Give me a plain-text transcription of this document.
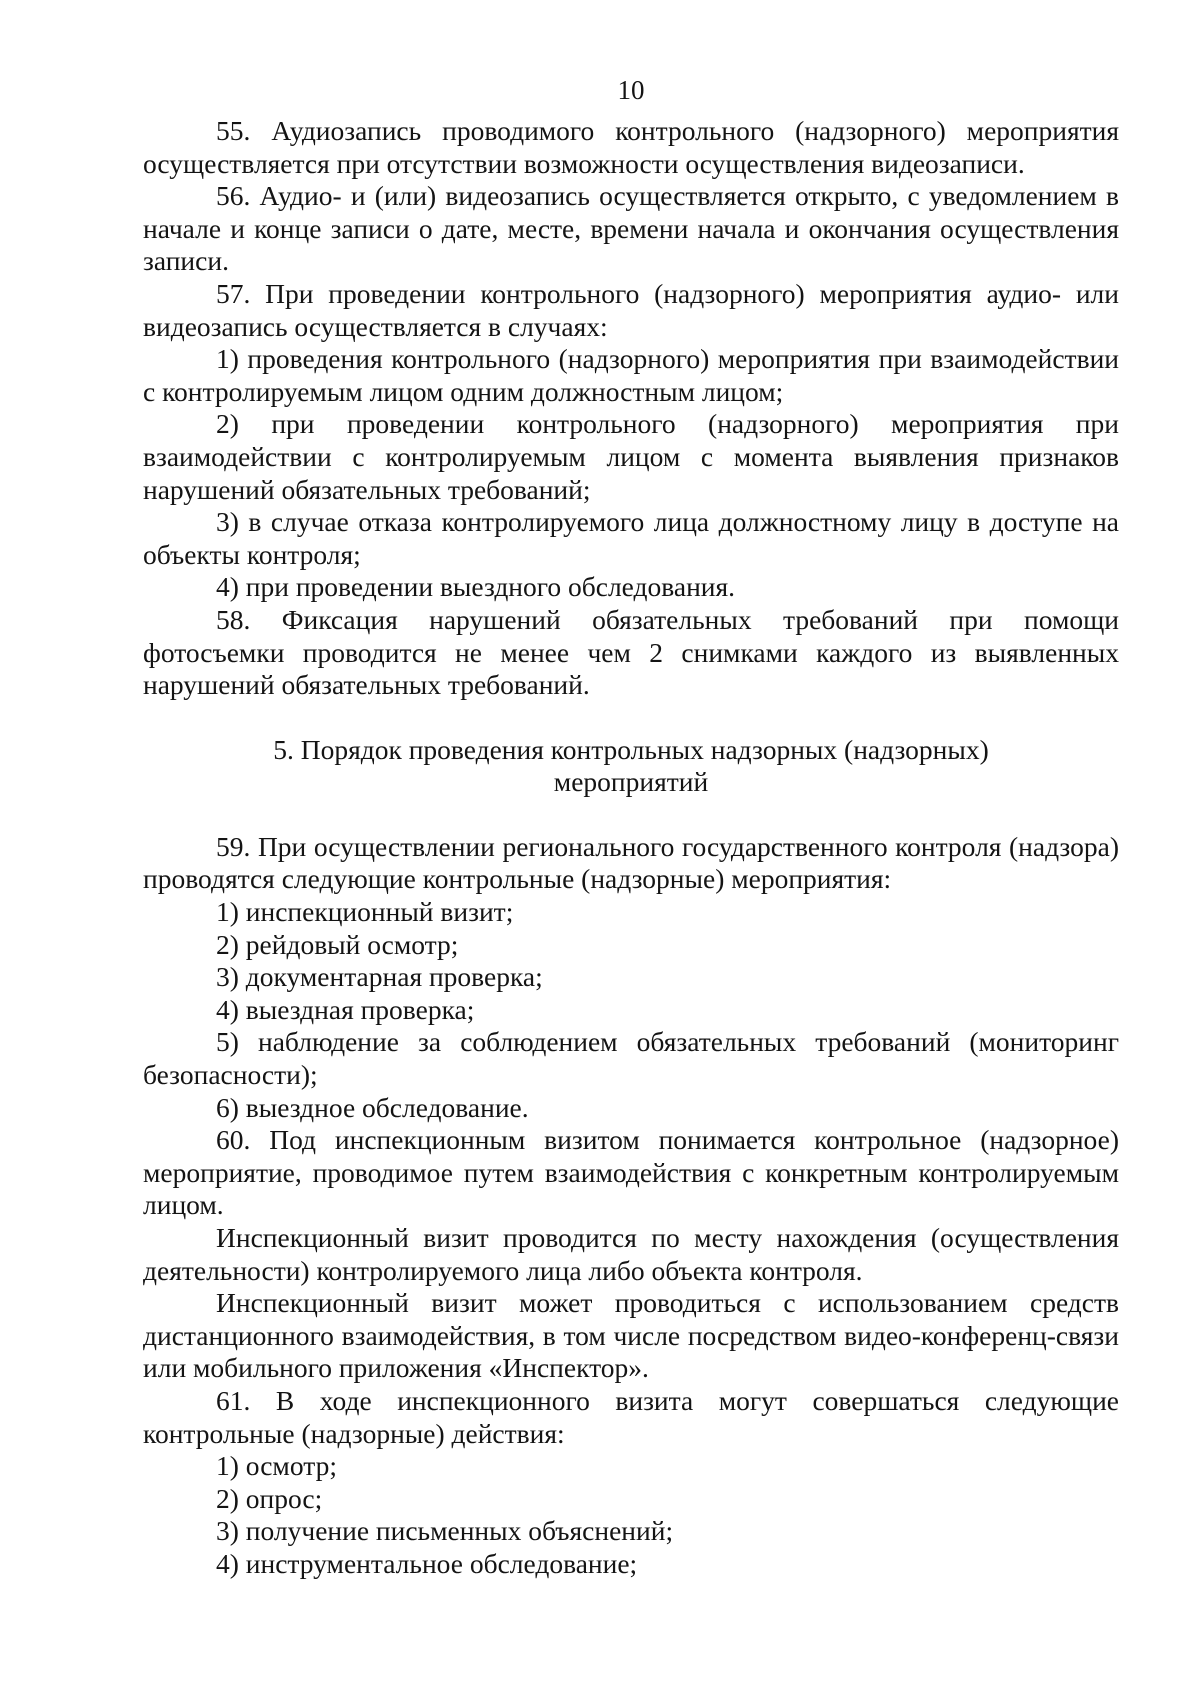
10

55. Аудиозапись проводимого контрольного (надзорного) мероприятия осуществляется при отсутствии возможности осуществления видеозаписи.

56. Аудио- и (или) видеозапись осуществляется открыто, с уведомлением в начале и конце записи о дате, месте, времени начала и окончания осуществления записи.

57. При проведении контрольного (надзорного) мероприятия аудио- или видеозапись осуществляется в случаях:

1) проведения контрольного (надзорного) мероприятия при взаимодействии с контролируемым лицом одним должностным лицом;

2) при проведении контрольного (надзорного) мероприятия при взаимодействии с контролируемым лицом с момента выявления признаков нарушений обязательных требований;

3) в случае отказа контролируемого лица должностному лицу в доступе на объекты контроля;

4) при проведении выездного обследования.

58. Фиксация нарушений обязательных требований при помощи фотосъемки проводится не менее чем 2 снимками каждого из выявленных нарушений обязательных требований.

5. Порядок проведения контрольных надзорных (надзорных)

мероприятий

59. При осуществлении регионального государственного контроля (надзора) проводятся следующие контрольные (надзорные) мероприятия:

1) инспекционный визит;

2) рейдовый осмотр;

3) документарная проверка;

4) выездная проверка;

5) наблюдение за соблюдением обязательных требований (мониторинг безопасности);

6) выездное обследование.

60. Под инспекционным визитом понимается контрольное (надзорное) мероприятие, проводимое путем взаимодействия с конкретным контролируемым лицом.

Инспекционный визит проводится по месту нахождения (осуществления деятельности) контролируемого лица либо объекта контроля.

Инспекционный визит может проводиться с использованием средств дистанционного взаимодействия, в том числе посредством видео-конференц-связи или мобильного приложения «Инспектор».

61. В ходе инспекционного визита могут совершаться следующие контрольные (надзорные) действия:

1) осмотр;

2) опрос;

3) получение письменных объяснений;

4) инструментальное обследование;
